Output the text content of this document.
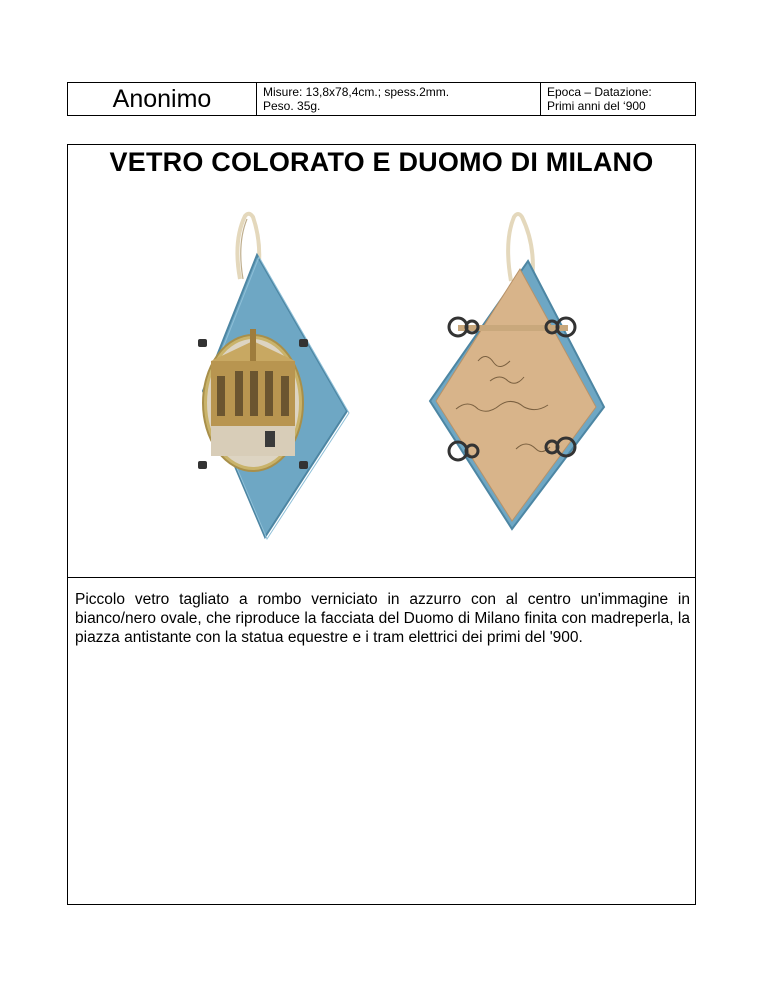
Anonimo	Misure: 13,8x78,4cm.; spess.2mm.
Peso. 35g.
Epoca – Datazione:
Primi anni del ‘900
VETRO COLORATO E DUOMO DI MILANO
Piccolo vetro tagliato a rombo verniciato in azzurro con al centro un'immagine in bianco/nero ovale, che riproduce la facciata del Duomo di Milano finita con madreperla, la piazza antistante con la statua equestre e i tram elettrici dei primi del '900.
